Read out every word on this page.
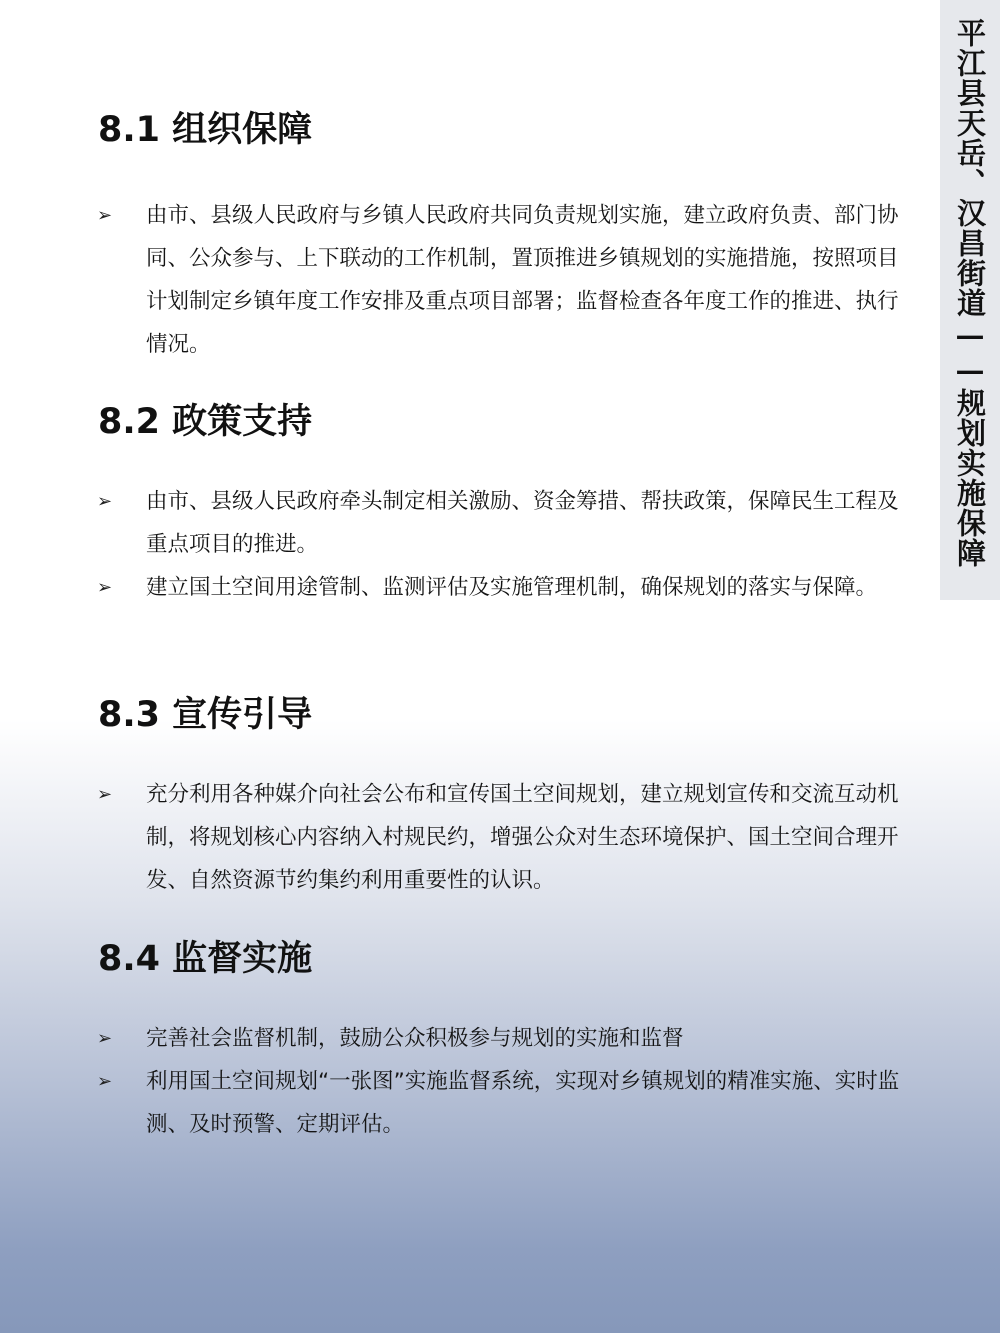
平江县天岳、汉昌街道——规划实施保障
8.1 组织保障
➢ 由市、县级人民政府与乡镇人民政府共同负责规划实施，建立政府负责、部门协同、公众参与、上下联动的工作机制，置顶推进乡镇规划的实施措施，按照项目计划制定乡镇年度工作安排及重点项目部署；监督检查各年度工作的推进、执行情况。
8.2 政策支持
➢ 由市、县级人民政府牵头制定相关激励、资金筹措、帮扶政策，保障民生工程及重点项目的推进。
➢ 建立国土空间用途管制、监测评估及实施管理机制，确保规划的落实与保障。
8.3 宣传引导
➢ 充分利用各种媒介向社会公布和宣传国土空间规划，建立规划宣传和交流互动机制，将规划核心内容纳入村规民约，增强公众对生态环境保护、国土空间合理开发、自然资源节约集约利用重要性的认识。
8.4 监督实施
➢ 完善社会监督机制，鼓励公众积极参与规划的实施和监督
➢ 利用国土空间规划“一张图”实施监督系统，实现对乡镇规划的精准实施、实时监测、及时预警、定期评估。
